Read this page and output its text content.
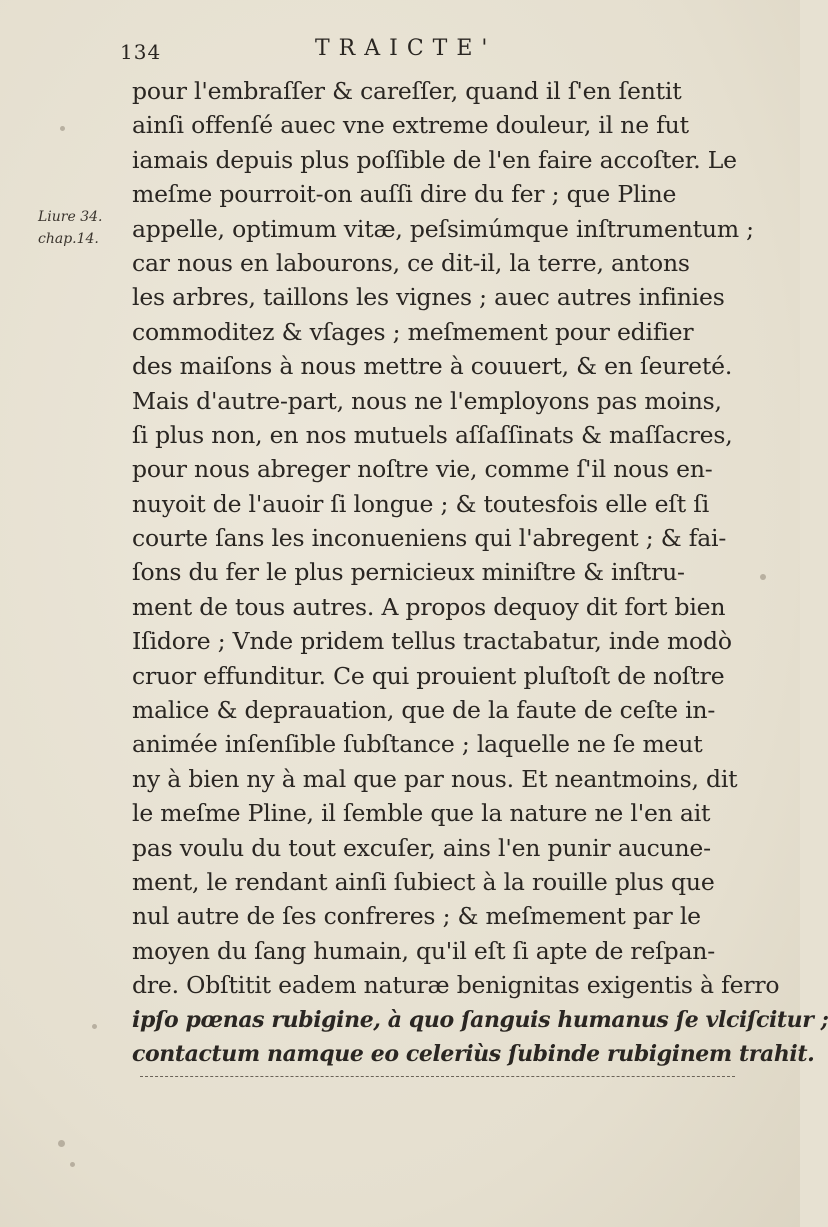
134	TRAICTE'
Liure 34.
chap.14.
pour l'embraſſer & careſſer, quand il ſ'en ſentit
ainſi offenſé auec vne extreme douleur, il ne fut
iamais depuis plus poſſible de l'en faire accoſter. Le
meſme pourroit-on auſſi dire du fer ; que Pline
appelle, optimum vitæ, peſsimúmque inſtrumentum ;
car nous en labourons, ce dit-il, la terre, antons
les arbres, taillons les vignes ; auec autres infinies
commoditez & vſages ; meſmement pour edifier
des maiſons à nous mettre à couuert, & en ſeureté.
Mais d'autre-part, nous ne l'employons pas moins,
ſi plus non, en nos mutuels aſſaſſinats & maſſacres,
pour nous abreger noſtre vie, comme ſ'il nous en-
nuyoit de l'auoir ſi longue ; & toutesfois elle eſt ſi
courte ſans les inconueniens qui l'abregent ; & fai-
ſons du fer le plus pernicieux miniſtre & inſtru-
ment de tous autres. A propos dequoy dit fort bien
Iſidore ; Vnde pridem tellus tractabatur, inde modò
cruor effunditur. Ce qui prouient pluſtoſt de noſtre
malice & deprauation, que de la faute de ceſte in-
animée inſenſible ſubſtance ; laquelle ne ſe meut
ny à bien ny à mal que par nous. Et neantmoins, dit
le meſme Pline, il ſemble que la nature ne l'en ait
pas voulu du tout excuſer, ains l'en punir aucune-
ment, le rendant ainſi ſubiect à la rouille plus que
nul autre de ſes confreres ; & meſmement par le
moyen du ſang humain, qu'il eſt ſi apte de reſpan-
dre. Obſtitit eadem naturæ benignitas exigentis à ferro
ipſo pœnas rubigine, à quo ſanguis humanus ſe vlciſcitur ;
contactum namque eo celeriùs ſubinde rubiginem trahit.
